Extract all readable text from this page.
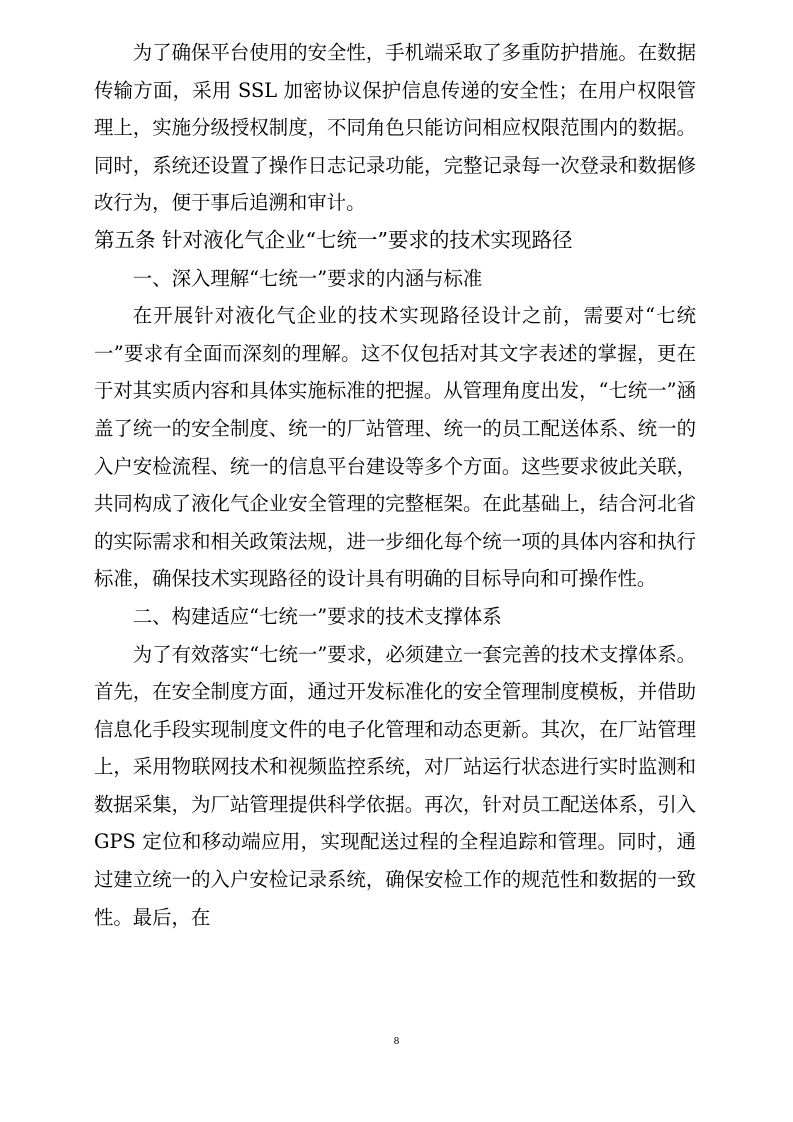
为了确保平台使用的安全性，手机端采取了多重防护措施。在数据传输方面，采用 SSL 加密协议保护信息传递的安全性；在用户权限管理上，实施分级授权制度，不同角色只能访问相应权限范围内的数据。同时，系统还设置了操作日志记录功能，完整记录每一次登录和数据修改行为，便于事后追溯和审计。

第五条 针对液化气企业“七统一”要求的技术实现路径

一、深入理解“七统一”要求的内涵与标准

在开展针对液化气企业的技术实现路径设计之前，需要对“七统一”要求有全面而深刻的理解。这不仅包括对其文字表述的掌握，更在于对其实质内容和具体实施标准的把握。从管理角度出发，“七统一”涵盖了统一的安全制度、统一的厂站管理、统一的员工配送体系、统一的入户安检流程、统一的信息平台建设等多个方面。这些要求彼此关联，共同构成了液化气企业安全管理的完整框架。在此基础上，结合河北省的实际需求和相关政策法规，进一步细化每个统一项的具体内容和执行标准，确保技术实现路径的设计具有明确的目标导向和可操作性。

二、构建适应“七统一”要求的技术支撑体系

为了有效落实“七统一”要求，必须建立一套完善的技术支撑体系。首先，在安全制度方面，通过开发标准化的安全管理制度模板，并借助信息化手段实现制度文件的电子化管理和动态更新。其次，在厂站管理上，采用物联网技术和视频监控系统，对厂站运行状态进行实时监测和数据采集，为厂站管理提供科学依据。再次，针对员工配送体系，引入 GPS 定位和移动端应用，实现配送过程的全程追踪和管理。同时，通过建立统一的入户安检记录系统，确保安检工作的规范性和数据的一致性。最后，在

8
